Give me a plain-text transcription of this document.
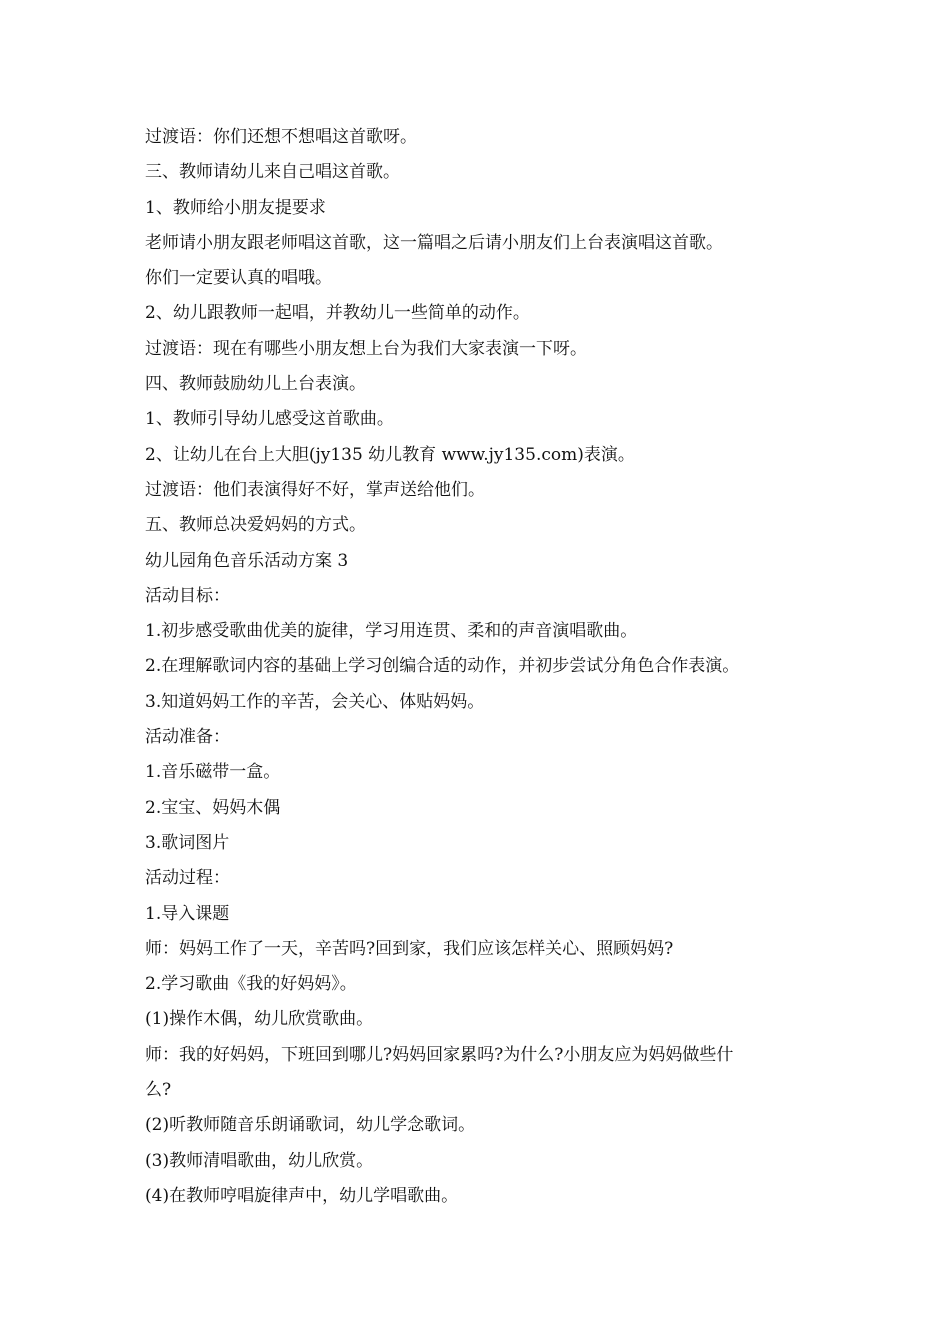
过渡语：你们还想不想唱这首歌呀。
三、教师请幼儿来自己唱这首歌。
1、教师给小朋友提要求
老师请小朋友跟老师唱这首歌，这一篇唱之后请小朋友们上台表演唱这首歌。
你们一定要认真的唱哦。
2、幼儿跟教师一起唱，并教幼儿一些简单的动作。
过渡语：现在有哪些小朋友想上台为我们大家表演一下呀。
四、教师鼓励幼儿上台表演。
1、教师引导幼儿感受这首歌曲。
2、让幼儿在台上大胆(jy135 幼儿教育 www.jy135.com)表演。
过渡语：他们表演得好不好，掌声送给他们。
五、教师总决爱妈妈的方式。
幼儿园角色音乐活动方案 3
活动目标：
1.初步感受歌曲优美的旋律，学习用连贯、柔和的声音演唱歌曲。
2.在理解歌词内容的基础上学习创编合适的动作，并初步尝试分角色合作表演。
3.知道妈妈工作的辛苦，会关心、体贴妈妈。
活动准备：
1.音乐磁带一盒。
2.宝宝、妈妈木偶
3.歌词图片
活动过程：
1.导入课题
师：妈妈工作了一天，辛苦吗?回到家，我们应该怎样关心、照顾妈妈?
2.学习歌曲《我的好妈妈》。
(1)操作木偶，幼儿欣赏歌曲。
师：我的好妈妈，下班回到哪儿?妈妈回家累吗?为什么?小朋友应为妈妈做些什
么?
(2)听教师随音乐朗诵歌词，幼儿学念歌词。
(3)教师清唱歌曲，幼儿欣赏。
(4)在教师哼唱旋律声中，幼儿学唱歌曲。
